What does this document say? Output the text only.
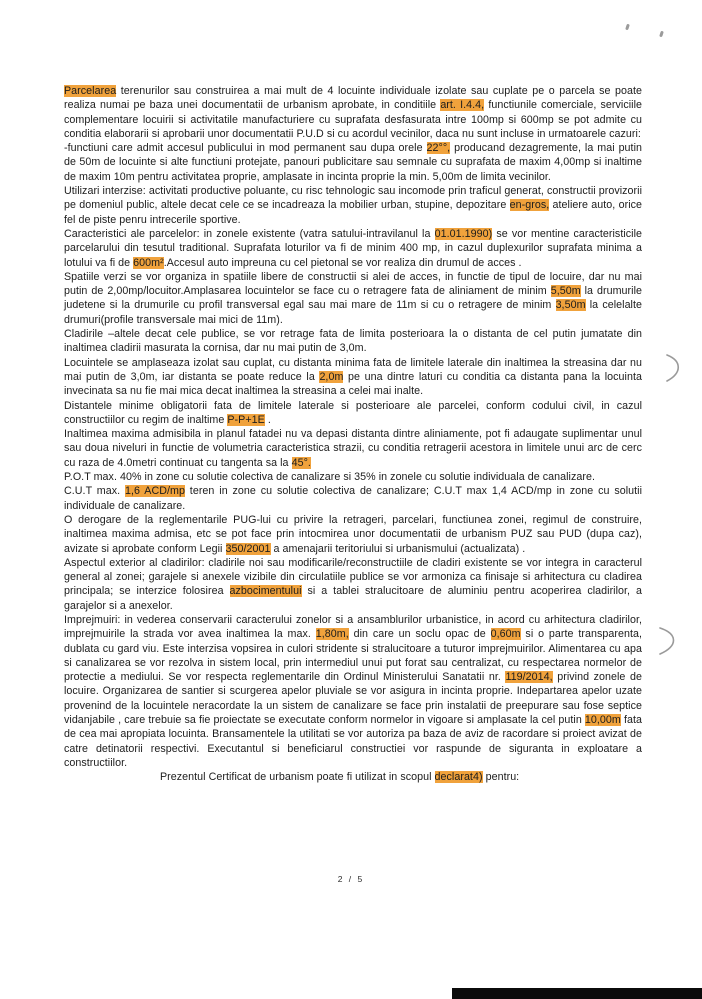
Parcelarea terenurilor sau construirea a mai mult de 4 locuinte individuale izolate sau cuplate pe o parcela se poate realiza numai pe baza unei documentatii de urbanism aprobate, in conditiile art. I.4.4, functiunile comerciale, serviciile complementare locuirii si activitatile manufacturiere cu suprafata desfasurata intre 100mp si 600mp se pot admite cu conditia elaborarii si aprobarii unor documentatii P.U.D si cu acordul vecinilor, daca nu sunt incluse in urmatoarele cazuri:

-functiuni care admit accesul publicului in mod permanent sau dupa orele 22°°, producand dezagremente, la mai putin de 50m de locuinte si alte functiuni protejate, panouri publicitare sau semnale cu suprafata de maxim 4,00mp si inaltime de maxim 10m pentru activitatea proprie, amplasate in incinta proprie la min. 5,00m de limita vecinilor.

Utilizari interzise: activitati productive poluante, cu risc tehnologic sau incomode prin traficul generat, constructii provizorii pe domeniul public, altele decat cele ce se incadreaza la mobilier urban, stupine, depozitare en-gros, ateliere auto, orice fel de piste penru intrecerile sportive.

Caracteristici ale parcelelor: in zonele existente (vatra satului-intravilanul la 01.01.1990) se vor mentine caracteristicile parcelarului din tesutul traditional. Suprafata loturilor va fi de minim 400 mp, in cazul duplexurilor suprafata minima a lotului va fi de 600m².Accesul auto impreuna cu cel pietonal se vor realiza din drumul de acces .

Spatiile verzi se vor organiza in spatiile libere de constructii si alei de acces, in functie de tipul de locuire, dar nu mai putin de 2,00mp/locuitor.Amplasarea locuintelor se face cu o retragere fata de aliniament de minim 5,50m la drumurile judetene si la drumurile cu profil transversal egal sau mai mare de 11m si cu o retragere de minim 3,50m la celelalte drumuri(profile transversale mai mici de 11m).

Cladirile –altele decat cele publice, se vor retrage fata de limita posterioara la o distanta de cel putin jumatate din inaltimea cladirii masurata la cornisa, dar nu mai putin de 3,0m.

Locuintele se amplaseaza izolat sau cuplat, cu distanta minima fata de limitele laterale din inaltimea la streasina dar nu mai putin de 3,0m, iar distanta se poate reduce la 2,0m pe una dintre laturi cu conditia ca distanta pana la locuinta invecinata sa nu fie mai mica decat inaltimea la streasina a celei mai inalte.

Distantele minime obligatorii fata de limitele laterale si posterioare ale parcelei, conform codului civil, in cazul constructiilor cu regim de inaltime P-P+1E .

Inaltimea maxima admisibila in planul fatadei nu va depasi distanta dintre aliniamente, pot fi adaugate suplimentar unul sau doua niveluri in functie de volumetria caracteristica strazii, cu conditia retragerii acestora in limitele unui arc de cerc cu raza de 4.0metri continuat cu tangenta sa la 45°.

P.O.T max. 40% in zone cu solutie colectiva de canalizare si 35% in zonele cu solutie individuala de canalizare.

C.U.T max. 1,6 ACD/mp teren in zone cu solutie colectiva de canalizare; C.U.T max 1,4 ACD/mp in zone cu solutii individuale de canalizare.

O derogare de la reglementarile PUG-lui cu privire la retrageri, parcelari, functiunea zonei, regimul de construire, inaltimea maxima admisa, etc se pot face prin intocmirea unor documentatii de urbanism PUZ sau PUD (dupa caz), avizate si aprobate conform Legii 350/2001 a amenajarii teritoriului si urbanismului (actualizata) .

Aspectul exterior al cladirilor: cladirile noi sau modificarile/reconstructiile de cladiri existente se vor integra in caracterul general al zonei; garajele si anexele vizibile din circulatiile publice se vor armoniza ca finisaje si arhitectura cu cladirea principala; se interzice folosirea azbocimentului si a tablei stralucitoare de aluminiu pentru acoperirea cladirilor, a garajelor si a anexelor.

Imprejmuiri: in vederea conservarii caracterului zonelor si a ansamblurilor urbanistice, in acord cu arhitectura cladirilor, imprejmuirile la strada vor avea inaltimea la max. 1,80m, din care un soclu opac de 0,60m si o parte transparenta, dublata cu gard viu. Este interzisa vopsirea in culori stridente si stralucitoare a tuturor imprejmuirilor. Alimentarea cu apa si canalizarea se vor rezolva in sistem local, prin intermediul unui put forat sau centralizat, cu respectarea normelor de protectie a mediului. Se vor respecta reglementarile din Ordinul Ministerului Sanatatii nr. 119/2014, privind zonele de locuire. Organizarea de santier si scurgerea apelor pluviale se vor asigura in incinta proprie. Indepartarea apelor uzate provenind de la locuintele neracordate la un sistem de canalizare se face prin instalatii de preepurare sau fose septice vidanjabile , care trebuie sa fie proiectate se executate conform normelor in vigoare si amplasate la cel putin 10,00m fata de cea mai apropiata locuinta. Bransamentele la utilitati se vor autoriza pa baza de aviz de racordare si proiect avizat de catre detinatorii respectivi. Executantul si beneficiarul constructiei vor raspunde de siguranta in exploatare a constructiilor.

Prezentul Certificat de urbanism poate fi utilizat in scopul declarat4) pentru:

2 / 5
